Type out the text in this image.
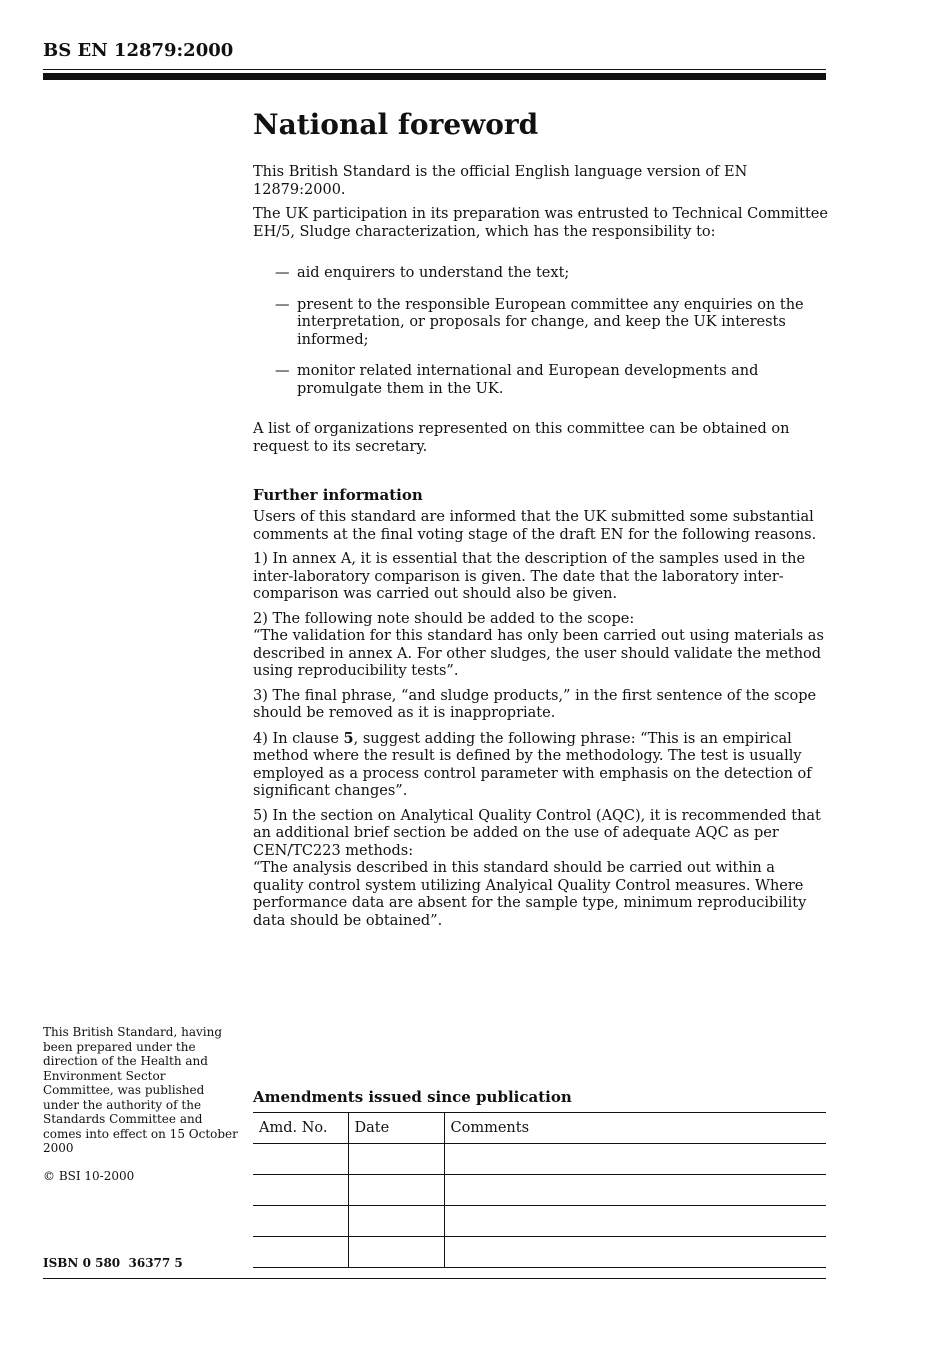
BS EN 12879:2000
National foreword

This British Standard is the official English language version of EN 12879:2000.

The UK participation in its preparation was entrusted to Technical Committee EH/5, Sludge characterization, which has the responsibility to:

— aid enquirers to understand the text;
— present to the responsible European committee any enquiries on the interpretation, or proposals for change, and keep the UK interests informed;
— monitor related international and European developments and promulgate them in the UK.

A list of organizations represented on this committee can be obtained on request to its secretary.

Further information

Users of this standard are informed that the UK submitted some substantial comments at the final voting stage of the draft EN for the following reasons.

1) In annex A, it is essential that the description of the samples used in the inter-laboratory comparison is given. The date that the laboratory inter-comparison was carried out should also be given.

2) The following note should be added to the scope:
“The validation for this standard has only been carried out using materials as described in annex A. For other sludges, the user should validate the method using reproducibility tests”.

3) The final phrase, “and sludge products,” in the first sentence of the scope should be removed as it is inappropriate.

4) In clause 5, suggest adding the following phrase: “This is an empirical method where the result is defined by the methodology. The test is usually employed as a process control parameter with emphasis on the detection of significant changes”.

5) In the section on Analytical Quality Control (AQC), it is recommended that an additional brief section be added on the use of adequate AQC as per CEN/TC223 methods:
“The analysis described in this standard should be carried out within a quality control system utilizing Analyical Quality Control measures. Where performance data are absent for the sample type, minimum reproducibility data should be obtained”.

This British Standard, having been prepared under the direction of the Health and Environment Sector Committee, was published under the authority of the Standards Committee and comes into effect on 15 October 2000
© BSI 10-2000
ISBN 0 580  36377 5
Amendments issued since publication
Amd. No.	Date	Comments
